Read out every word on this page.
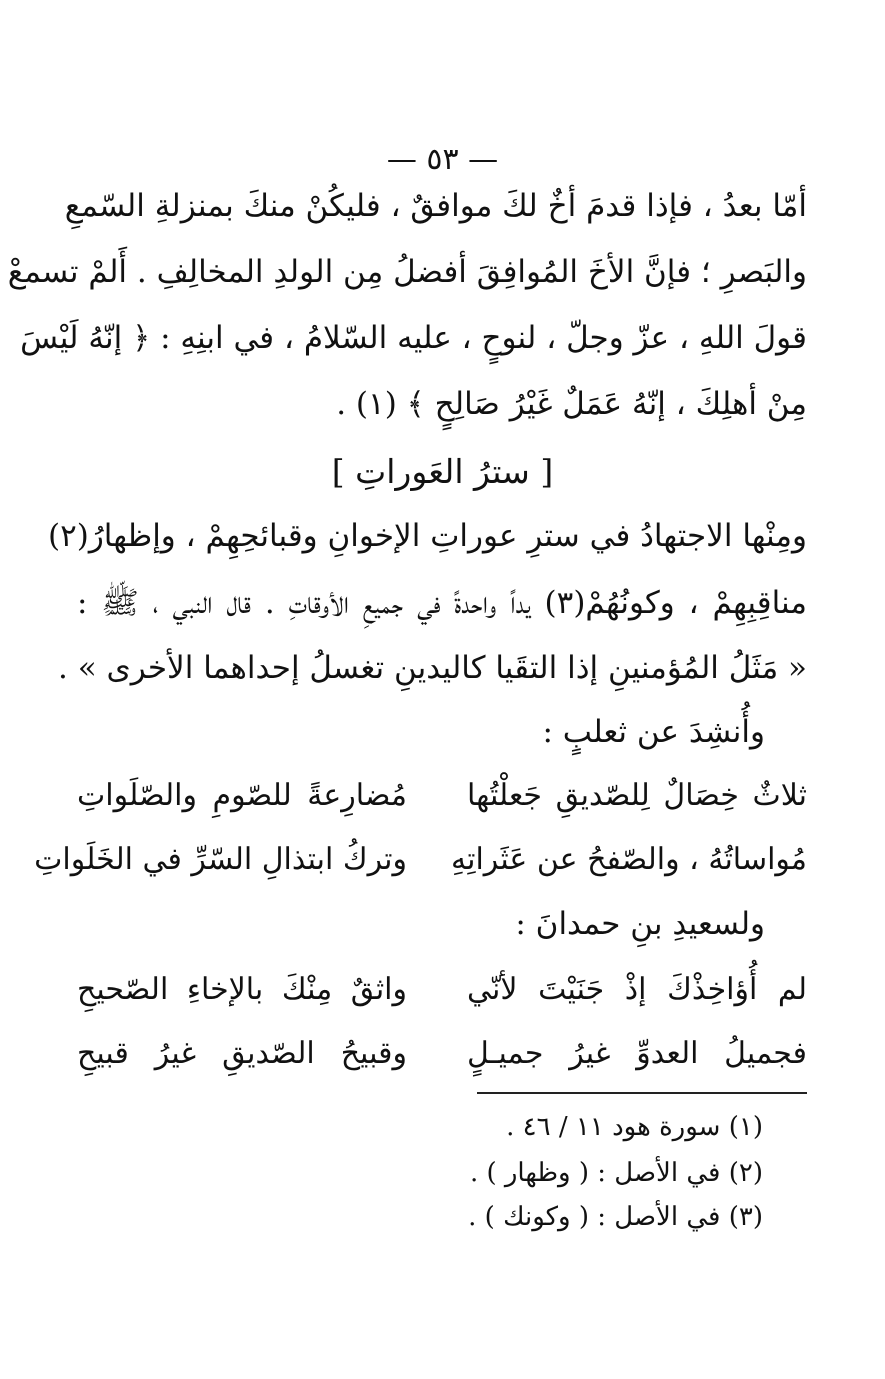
— ٥٣ —
أمّا بعدُ ، فإذا قدمَ أخٌ لكَ موافقٌ ، فليكُنْ منكَ بمنزلةِ السّمعِ
والبَصرِ ؛ فإنَّ الأخَ المُوافِقَ أفضلُ مِن الولدِ المخالِفِ . أَلمْ تسمعْ
قولَ اللهِ ، عزّ وجلّ ، لنوحٍ ، عليه السّلامُ ، في ابنِهِ : ﴿ إنّهُ لَيْسَ
مِنْ أهلِكَ ، إنّهُ عَمَلٌ غَيْرُ صَالِحٍ ﴾ (١) .
[ سترُ العَوراتِ ]
ومِنْها الاجتهادُ في سترِ عوراتِ الإخوانِ وقبائحِهِمْ ، وإظهارُ(٢)
مناقِبِهِمْ ، وكونُهُمْ(٣) يداً واحدةً في جميعِ الأوقاتِ . قال النبي ، ﷺ :
« مَثَلُ المُؤمنينِ إذا التقَيا كاليدينِ تغسلُ إحداهما الأخرى » .
وأُنشِدَ عن ثعلبٍ :
ثلاثٌ خِصَالٌ لِلصّديقِ جَعلْتُها
مُضارِعةً للصّومِ والصّلَواتِ
مُواساتُهُ ، والصّفحُ عن عَثَراتِهِ
وتركُ ابتذالِ السّرِّ في الخَلَواتِ
ولسعيدِ بنِ حمدانَ :
لم أُؤاخِذْكَ إذْ جَنَيْتَ لأنّي
واثقٌ مِنْكَ بالإخاءِ الصّحيحِ
فجميلُ العدوِّ غيرُ جميـلٍ
وقبيحُ الصّديقِ غيرُ قبيحِ
(١) سورة هود ١١ / ٤٦ .
(٢) في الأصل : ( وظهار ) .
(٣) في الأصل : ( وكونك ) .
